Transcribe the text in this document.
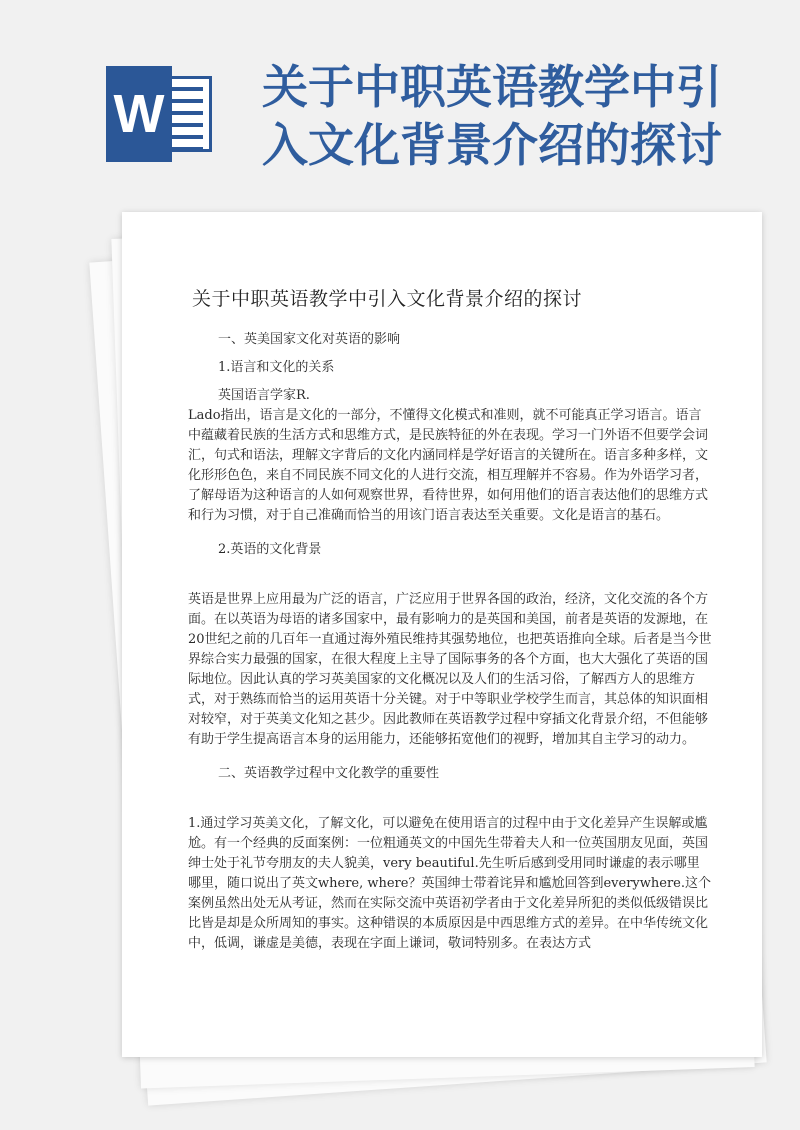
W 关于中职英语教学中引
入文化背景介绍的探讨
关于中职英语教学中引入文化背景介绍的探讨

一、英美国家文化对英语的影响

1.语言和文化的关系

英国语言学家R.

Lado指出，语言是文化的一部分，不懂得文化模式和准则，就不可能真正学习语言。语言中蕴藏着民族的生活方式和思维方式，是民族特征的外在表现。学习一门外语不但要学会词汇，句式和语法，理解文字背后的文化内涵同样是学好语言的关键所在。语言多种多样，文化形形色色，来自不同民族不同文化的人进行交流，相互理解并不容易。作为外语学习者，了解母语为这种语言的人如何观察世界，看待世界，如何用他们的语言表达他们的思维方式和行为习惯，对于自己准确而恰当的用该门语言表达至关重要。文化是语言的基石。

2.英语的文化背景

英语是世界上应用最为广泛的语言，广泛应用于世界各国的政治，经济，文化交流的各个方面。在以英语为母语的诸多国家中，最有影响力的是英国和美国，前者是英语的发源地，在20世纪之前的几百年一直通过海外殖民维持其强势地位，也把英语推向全球。后者是当今世界综合实力最强的国家，在很大程度上主导了国际事务的各个方面，也大大强化了英语的国际地位。因此认真的学习英美国家的文化概况以及人们的生活习俗，了解西方人的思维方式，对于熟练而恰当的运用英语十分关键。对于中等职业学校学生而言，其总体的知识面相对较窄，对于英美文化知之甚少。因此教师在英语教学过程中穿插文化背景介绍，不但能够有助于学生提高语言本身的运用能力，还能够拓宽他们的视野，增加其自主学习的动力。

二、英语教学过程中文化教学的重要性

1.通过学习英美文化，了解文化，可以避免在使用语言的过程中由于文化差异产生误解或尴尬。有一个经典的反面案例：一位粗通英文的中国先生带着夫人和一位英国朋友见面，英国绅士处于礼节夸朋友的夫人貌美，very beautiful.先生听后感到受用同时谦虚的表示哪里哪里，随口说出了英文where, where？英国绅士带着诧异和尴尬回答到everywhere.这个案例虽然出处无从考证，然而在实际交流中英语初学者由于文化差异所犯的类似低级错误比比皆是却是众所周知的事实。这种错误的本质原因是中西思维方式的差异。在中华传统文化中，低调，谦虚是美德，表现在字面上谦词，敬词特别多。在表达方式
